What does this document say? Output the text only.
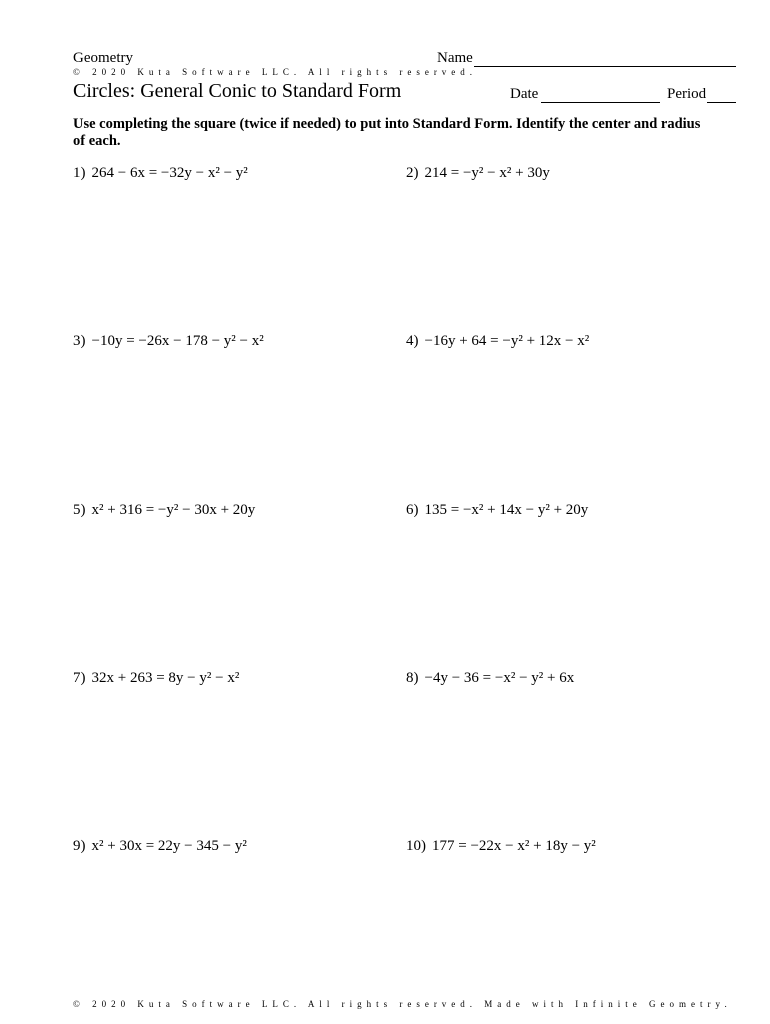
Geometry
© 2020 Kuta Software LLC. All rights reserved.
Name
Circles: General Conic to Standard Form	Date	Period
Use completing the square (twice if needed) to put into Standard Form. Identify the center and radius of each.
1) 264 − 6x = −32y − x² − y²	2) 214 = −y² − x² + 30y
3) −10y = −26x − 178 − y² − x²	4) −16y + 64 = −y² + 12x − x²
5) x² + 316 = −y² − 30x + 20y	6) 135 = −x² + 14x − y² + 20y
7) 32x + 263 = 8y − y² − x²	8) −4y − 36 = −x² − y² + 6x
9) x² + 30x = 22y − 345 − y²	10) 177 = −22x − x² + 18y − y²
© 2020 Kuta Software LLC. All rights reserved. Made with Infinite Geometry.
